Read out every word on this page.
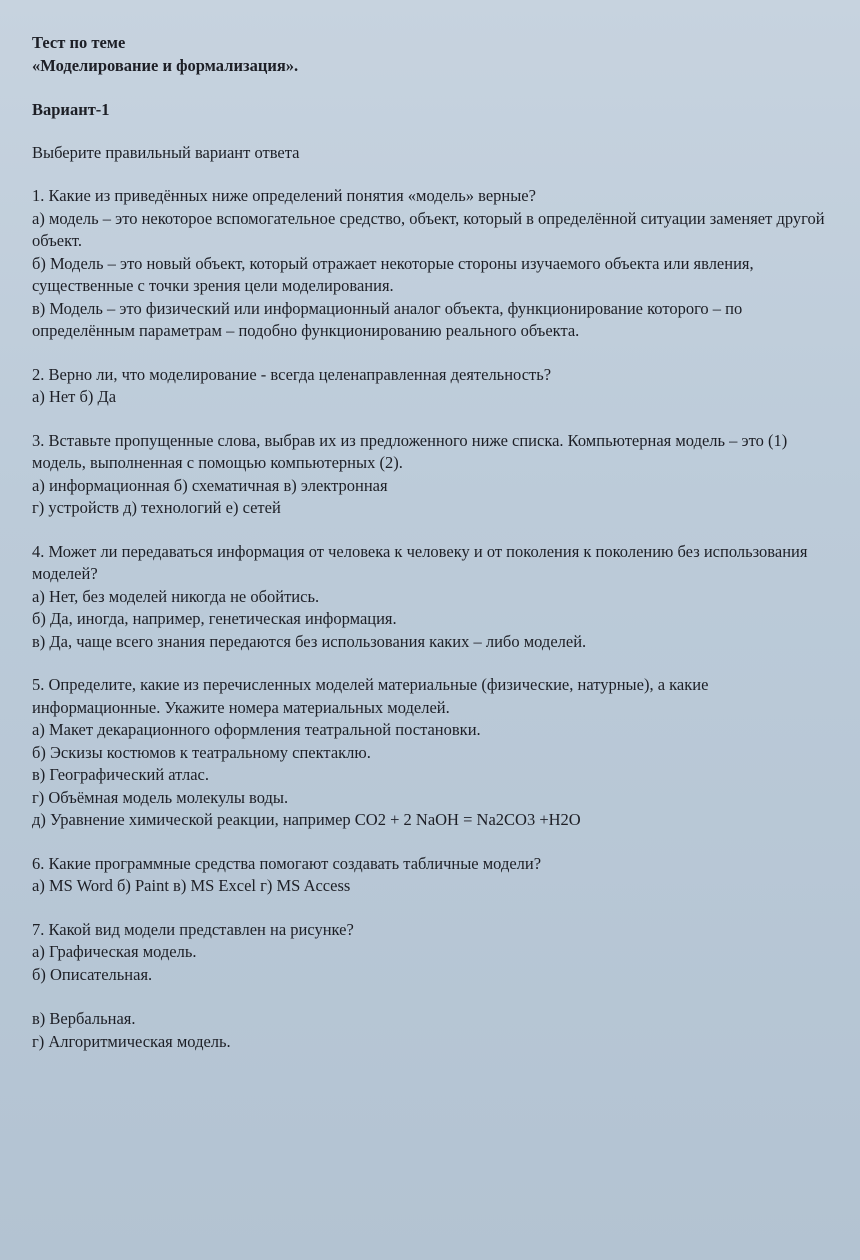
Тест по теме
«Моделирование и формализация».
Вариант-1
Выберите правильный вариант ответа
1. Какие из приведённых ниже определений понятия «модель» верные?
а) модель – это некоторое вспомогательное средство, объект, который в определённой ситуации заменяет другой объект.
б) Модель – это новый объект, который отражает некоторые стороны изучаемого объекта или явления, существенные с точки зрения цели моделирования.
в) Модель – это физический или информационный аналог объекта, функционирование которого – по определённым параметрам – подобно функционированию реального объекта.
2. Верно ли, что моделирование - всегда целенаправленная деятельность?
а) Нет б) Да
3. Вставьте пропущенные слова, выбрав их из предложенного ниже списка. Компьютерная модель – это (1) модель, выполненная с помощью компьютерных (2).
а) информационная б) схематичная в) электронная
г) устройств д) технологий е) сетей
4. Может ли передаваться информация от человека к человеку и от поколения к поколению без использования моделей?
а) Нет, без моделей никогда не обойтись.
б) Да, иногда, например, генетическая информация.
в) Да, чаще всего знания передаются без использования каких – либо моделей.
5. Определите, какие из перечисленных моделей материальные (физические, натурные), а какие информационные. Укажите номера материальных моделей.
а) Макет декарационного оформления театральной постановки.
б) Эскизы костюмов к театральному спектаклю.
в) Географический атлас.
г) Объёмная модель молекулы воды.
д) Уравнение химической реакции, например CO2 + 2 NaOH = Na2CO3 +H2O
6. Какие программные средства помогают создавать табличные модели?
а) MS Word б) Paint в) MS Excel г) MS Access
7. Какой вид модели представлен на рисунке?
а) Графическая модель.
б) Описательная.
в) Вербальная.
г) Алгоритмическая модель.
